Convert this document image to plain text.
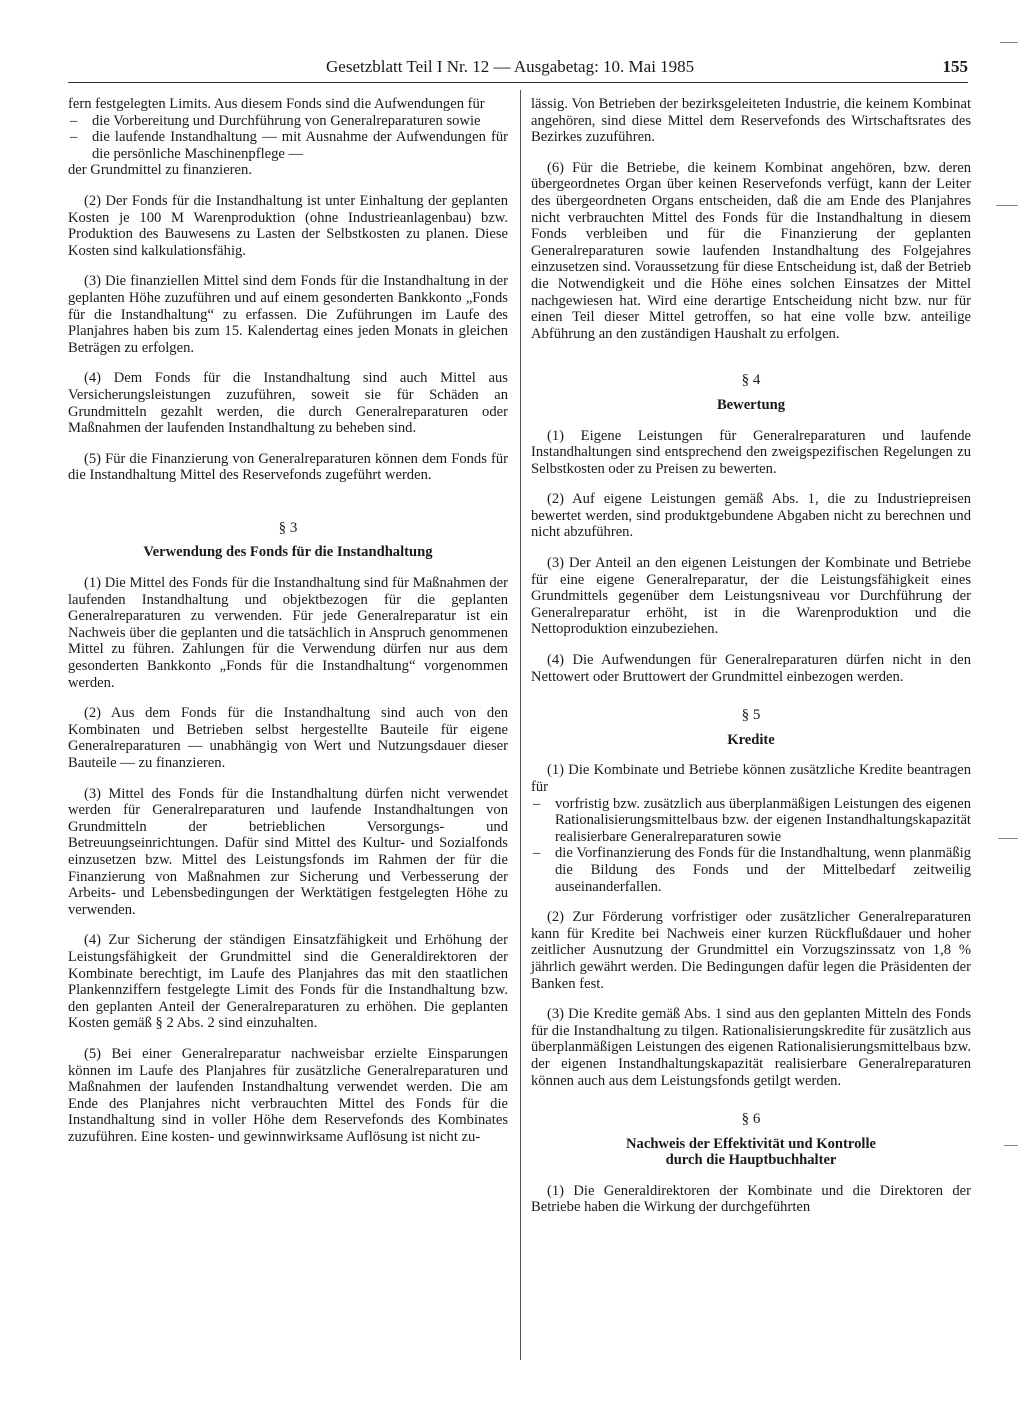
Gesetzblatt Teil I Nr. 12 — Ausgabetag: 10. Mai 1985	155

fern festgelegten Limits. Aus diesem Fonds sind die Aufwendungen für

– die Vorbereitung und Durchführung von Generalreparaturen sowie
– die laufende Instandhaltung — mit Ausnahme der Aufwendungen für die persönliche Maschinenpflege —

der Grundmittel zu finanzieren.

(2) Der Fonds für die Instandhaltung ist unter Einhaltung der geplanten Kosten je 100 M Warenproduktion (ohne Industrieanlagenbau) bzw. Produktion des Bauwesens zu Lasten der Selbstkosten zu planen. Diese Kosten sind kalkulationsfähig.

(3) Die finanziellen Mittel sind dem Fonds für die Instandhaltung in der geplanten Höhe zuzuführen und auf einem gesonderten Bankkonto „Fonds für die Instandhaltung“ zu erfassen. Die Zuführungen im Laufe des Planjahres haben bis zum 15. Kalendertag eines jeden Monats in gleichen Beträgen zu erfolgen.

(4) Dem Fonds für die Instandhaltung sind auch Mittel aus Versicherungsleistungen zuzuführen, soweit sie für Schäden an Grundmitteln gezahlt werden, die durch Generalreparaturen oder Maßnahmen der laufenden Instandhaltung zu beheben sind.

(5) Für die Finanzierung von Generalreparaturen können dem Fonds für die Instandhaltung Mittel des Reservefonds zugeführt werden.

§ 3
Verwendung des Fonds für die Instandhaltung

(1) Die Mittel des Fonds für die Instandhaltung sind für Maßnahmen der laufenden Instandhaltung und objektbezogen für die geplanten Generalreparaturen zu verwenden. Für jede Generalreparatur ist ein Nachweis über die geplanten und die tatsächlich in Anspruch genommenen Mittel zu führen. Zahlungen für die Verwendung dürfen nur aus dem gesonderten Bankkonto „Fonds für die Instandhaltung“ vorgenommen werden.

(2) Aus dem Fonds für die Instandhaltung sind auch von den Kombinaten und Betrieben selbst hergestellte Bauteile für eigene Generalreparaturen — unabhängig von Wert und Nutzungsdauer dieser Bauteile — zu finanzieren.

(3) Mittel des Fonds für die Instandhaltung dürfen nicht verwendet werden für Generalreparaturen und laufende Instandhaltungen von Grundmitteln der betrieblichen Versorgungs- und Betreuungseinrichtungen. Dafür sind Mittel des Kultur- und Sozialfonds einzusetzen bzw. Mittel des Leistungsfonds im Rahmen der für die Finanzierung von Maßnahmen zur Sicherung und Verbesserung der Arbeits- und Lebensbedingungen der Werktätigen festgelegten Höhe zu verwenden.

(4) Zur Sicherung der ständigen Einsatzfähigkeit und Erhöhung der Leistungsfähigkeit der Grundmittel sind die Generaldirektoren der Kombinate berechtigt, im Laufe des Planjahres das mit den staatlichen Plankennziffern festgelegte Limit des Fonds für die Instandhaltung bzw. den geplanten Anteil der Generalreparaturen zu erhöhen. Die geplanten Kosten gemäß § 2 Abs. 2 sind einzuhalten.

(5) Bei einer Generalreparatur nachweisbar erzielte Einsparungen können im Laufe des Planjahres für zusätzliche Generalreparaturen und Maßnahmen der laufenden Instandhaltung verwendet werden. Die am Ende des Planjahres nicht verbrauchten Mittel des Fonds für die Instandhaltung sind in voller Höhe dem Reservefonds des Kombinates zuzuführen. Eine kosten- und gewinnwirksame Auflösung ist nicht zu-

lässig. Von Betrieben der bezirksgeleiteten Industrie, die keinem Kombinat angehören, sind diese Mittel dem Reservefonds des Wirtschaftsrates des Bezirkes zuzuführen.

(6) Für die Betriebe, die keinem Kombinat angehören, bzw. deren übergeordnetes Organ über keinen Reservefonds verfügt, kann der Leiter des übergeordneten Organs entscheiden, daß die am Ende des Planjahres nicht verbrauchten Mittel des Fonds für die Instandhaltung in diesem Fonds verbleiben und für die Finanzierung der geplanten Generalreparaturen sowie laufenden Instandhaltung des Folgejahres einzusetzen sind. Voraussetzung für diese Entscheidung ist, daß der Betrieb die Notwendigkeit und die Höhe eines solchen Einsatzes der Mittel nachgewiesen hat. Wird eine derartige Entscheidung nicht bzw. nur für einen Teil dieser Mittel getroffen, so hat eine volle bzw. anteilige Abführung an den zuständigen Haushalt zu erfolgen.

§ 4
Bewertung

(1) Eigene Leistungen für Generalreparaturen und laufende Instandhaltungen sind entsprechend den zweigspezifischen Regelungen zu Selbstkosten oder zu Preisen zu bewerten.

(2) Auf eigene Leistungen gemäß Abs. 1, die zu Industriepreisen bewertet werden, sind produktgebundene Abgaben nicht zu berechnen und nicht abzuführen.

(3) Der Anteil an den eigenen Leistungen der Kombinate und Betriebe für eine eigene Generalreparatur, der die Leistungsfähigkeit eines Grundmittels gegenüber dem Leistungsniveau vor Durchführung der Generalreparatur erhöht, ist in die Warenproduktion und die Nettoproduktion einzubeziehen.

(4) Die Aufwendungen für Generalreparaturen dürfen nicht in den Nettowert oder Bruttowert der Grundmittel einbezogen werden.

§ 5
Kredite

(1) Die Kombinate und Betriebe können zusätzliche Kredite beantragen für

– vorfristig bzw. zusätzlich aus überplanmäßigen Leistungen des eigenen Rationalisierungsmittelbaus bzw. der eigenen Instandhaltungskapazität realisierbare Generalreparaturen sowie
– die Vorfinanzierung des Fonds für die Instandhaltung, wenn planmäßig die Bildung des Fonds und der Mittelbedarf zeitweilig auseinanderfallen.

(2) Zur Förderung vorfristiger oder zusätzlicher Generalreparaturen kann für Kredite bei Nachweis einer kurzen Rückflußdauer und hoher zeitlicher Ausnutzung der Grundmittel ein Vorzugszinssatz von 1,8 % jährlich gewährt werden. Die Bedingungen dafür legen die Präsidenten der Banken fest.

(3) Die Kredite gemäß Abs. 1 sind aus den geplanten Mitteln des Fonds für die Instandhaltung zu tilgen. Rationalisierungskredite für zusätzlich aus überplanmäßigen Leistungen des eigenen Rationalisierungsmittelbaus bzw. der eigenen Instandhaltungskapazität realisierbare Generalreparaturen können auch aus dem Leistungsfonds getilgt werden.

§ 6
Nachweis der Effektivität und Kontrolle
durch die Hauptbuchhalter

(1) Die Generaldirektoren der Kombinate und die Direktoren der Betriebe haben die Wirkung der durchgeführten
